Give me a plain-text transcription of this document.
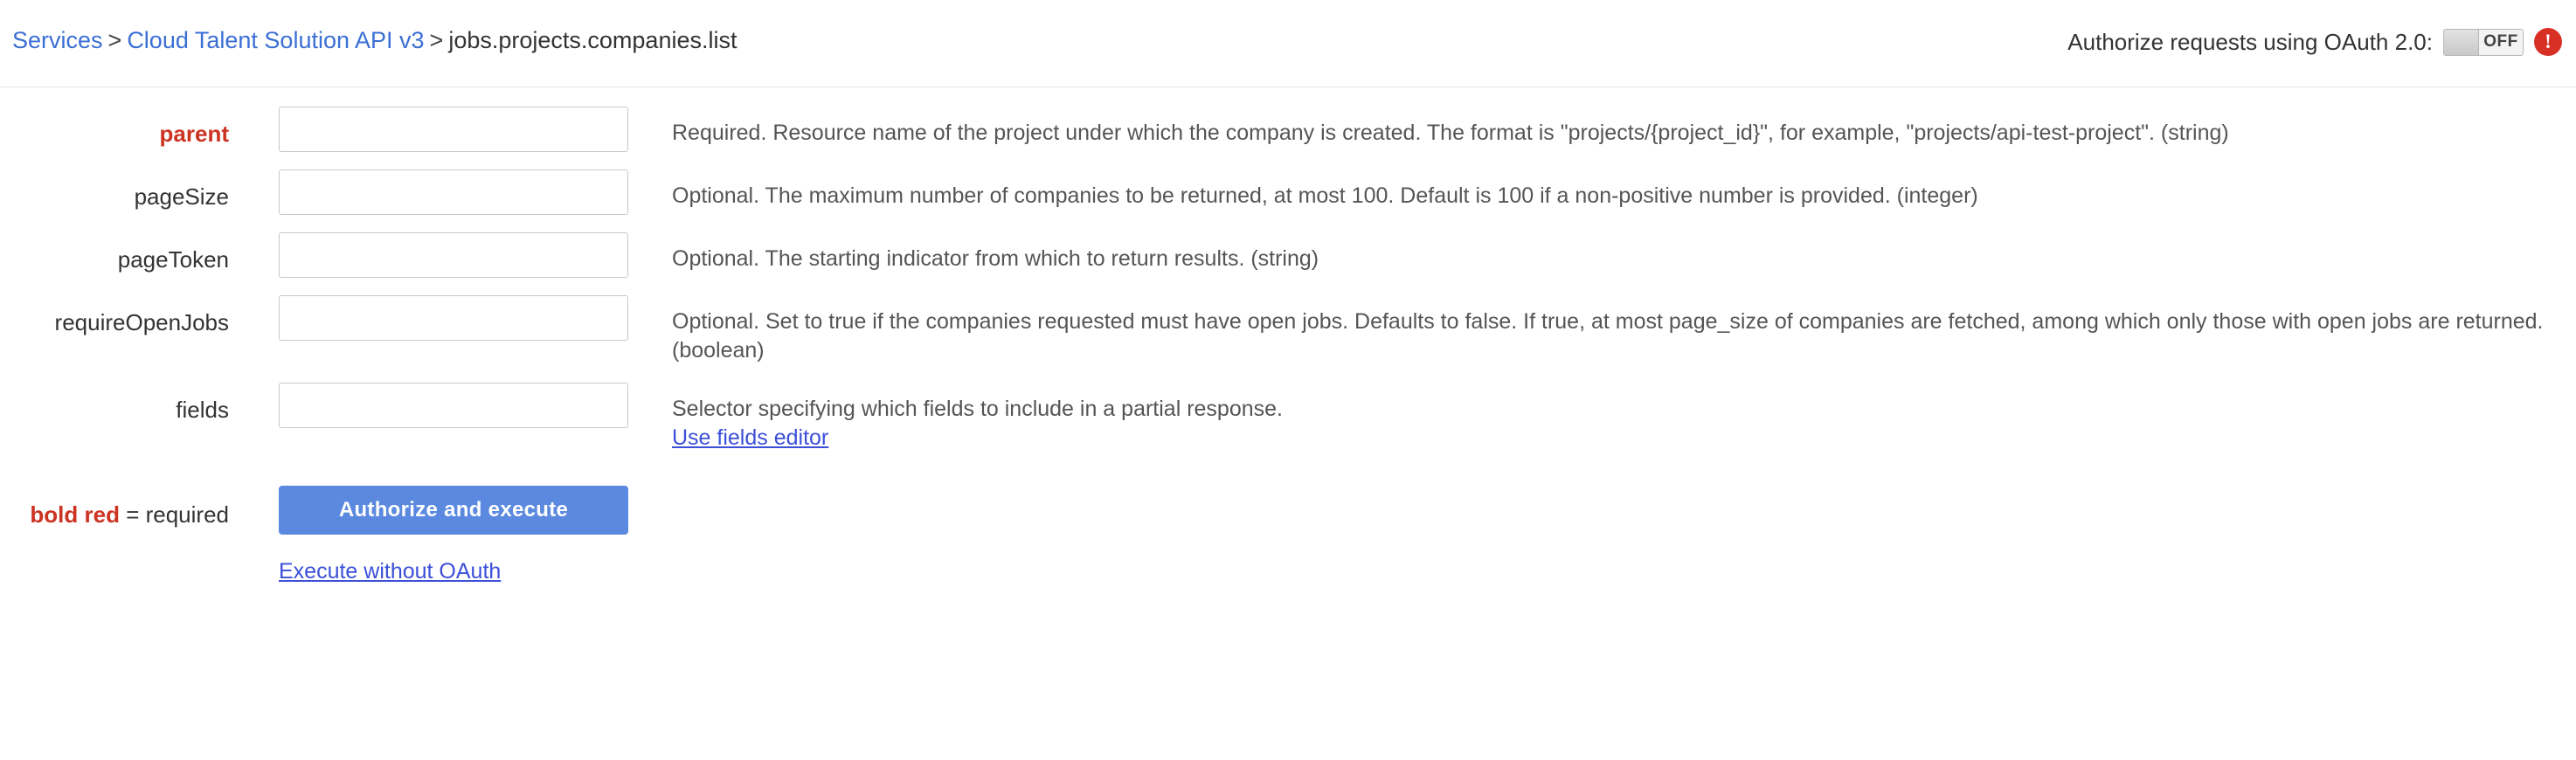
Services > Cloud Talent Solution API v3 > jobs.projects.companies.list	Authorize requests using OAuth 2.0:	OFF	!
parent	Required. Resource name of the project under which the company is created. The format is "projects/{project_id}", for example, "projects/api-test-project". (string)
pageSize	Optional. The maximum number of companies to be returned, at most 100. Default is 100 if a non-positive number is provided. (integer)
pageToken	Optional. The starting indicator from which to return results. (string)
requireOpenJobs	Optional. Set to true if the companies requested must have open jobs. Defaults to false. If true, at most page_size of companies are fetched, among which only those with open jobs are returned. (boolean)
fields	Selector specifying which fields to include in a partial response.
Use fields editor
bold red = required	Authorize and execute
Execute without OAuth
